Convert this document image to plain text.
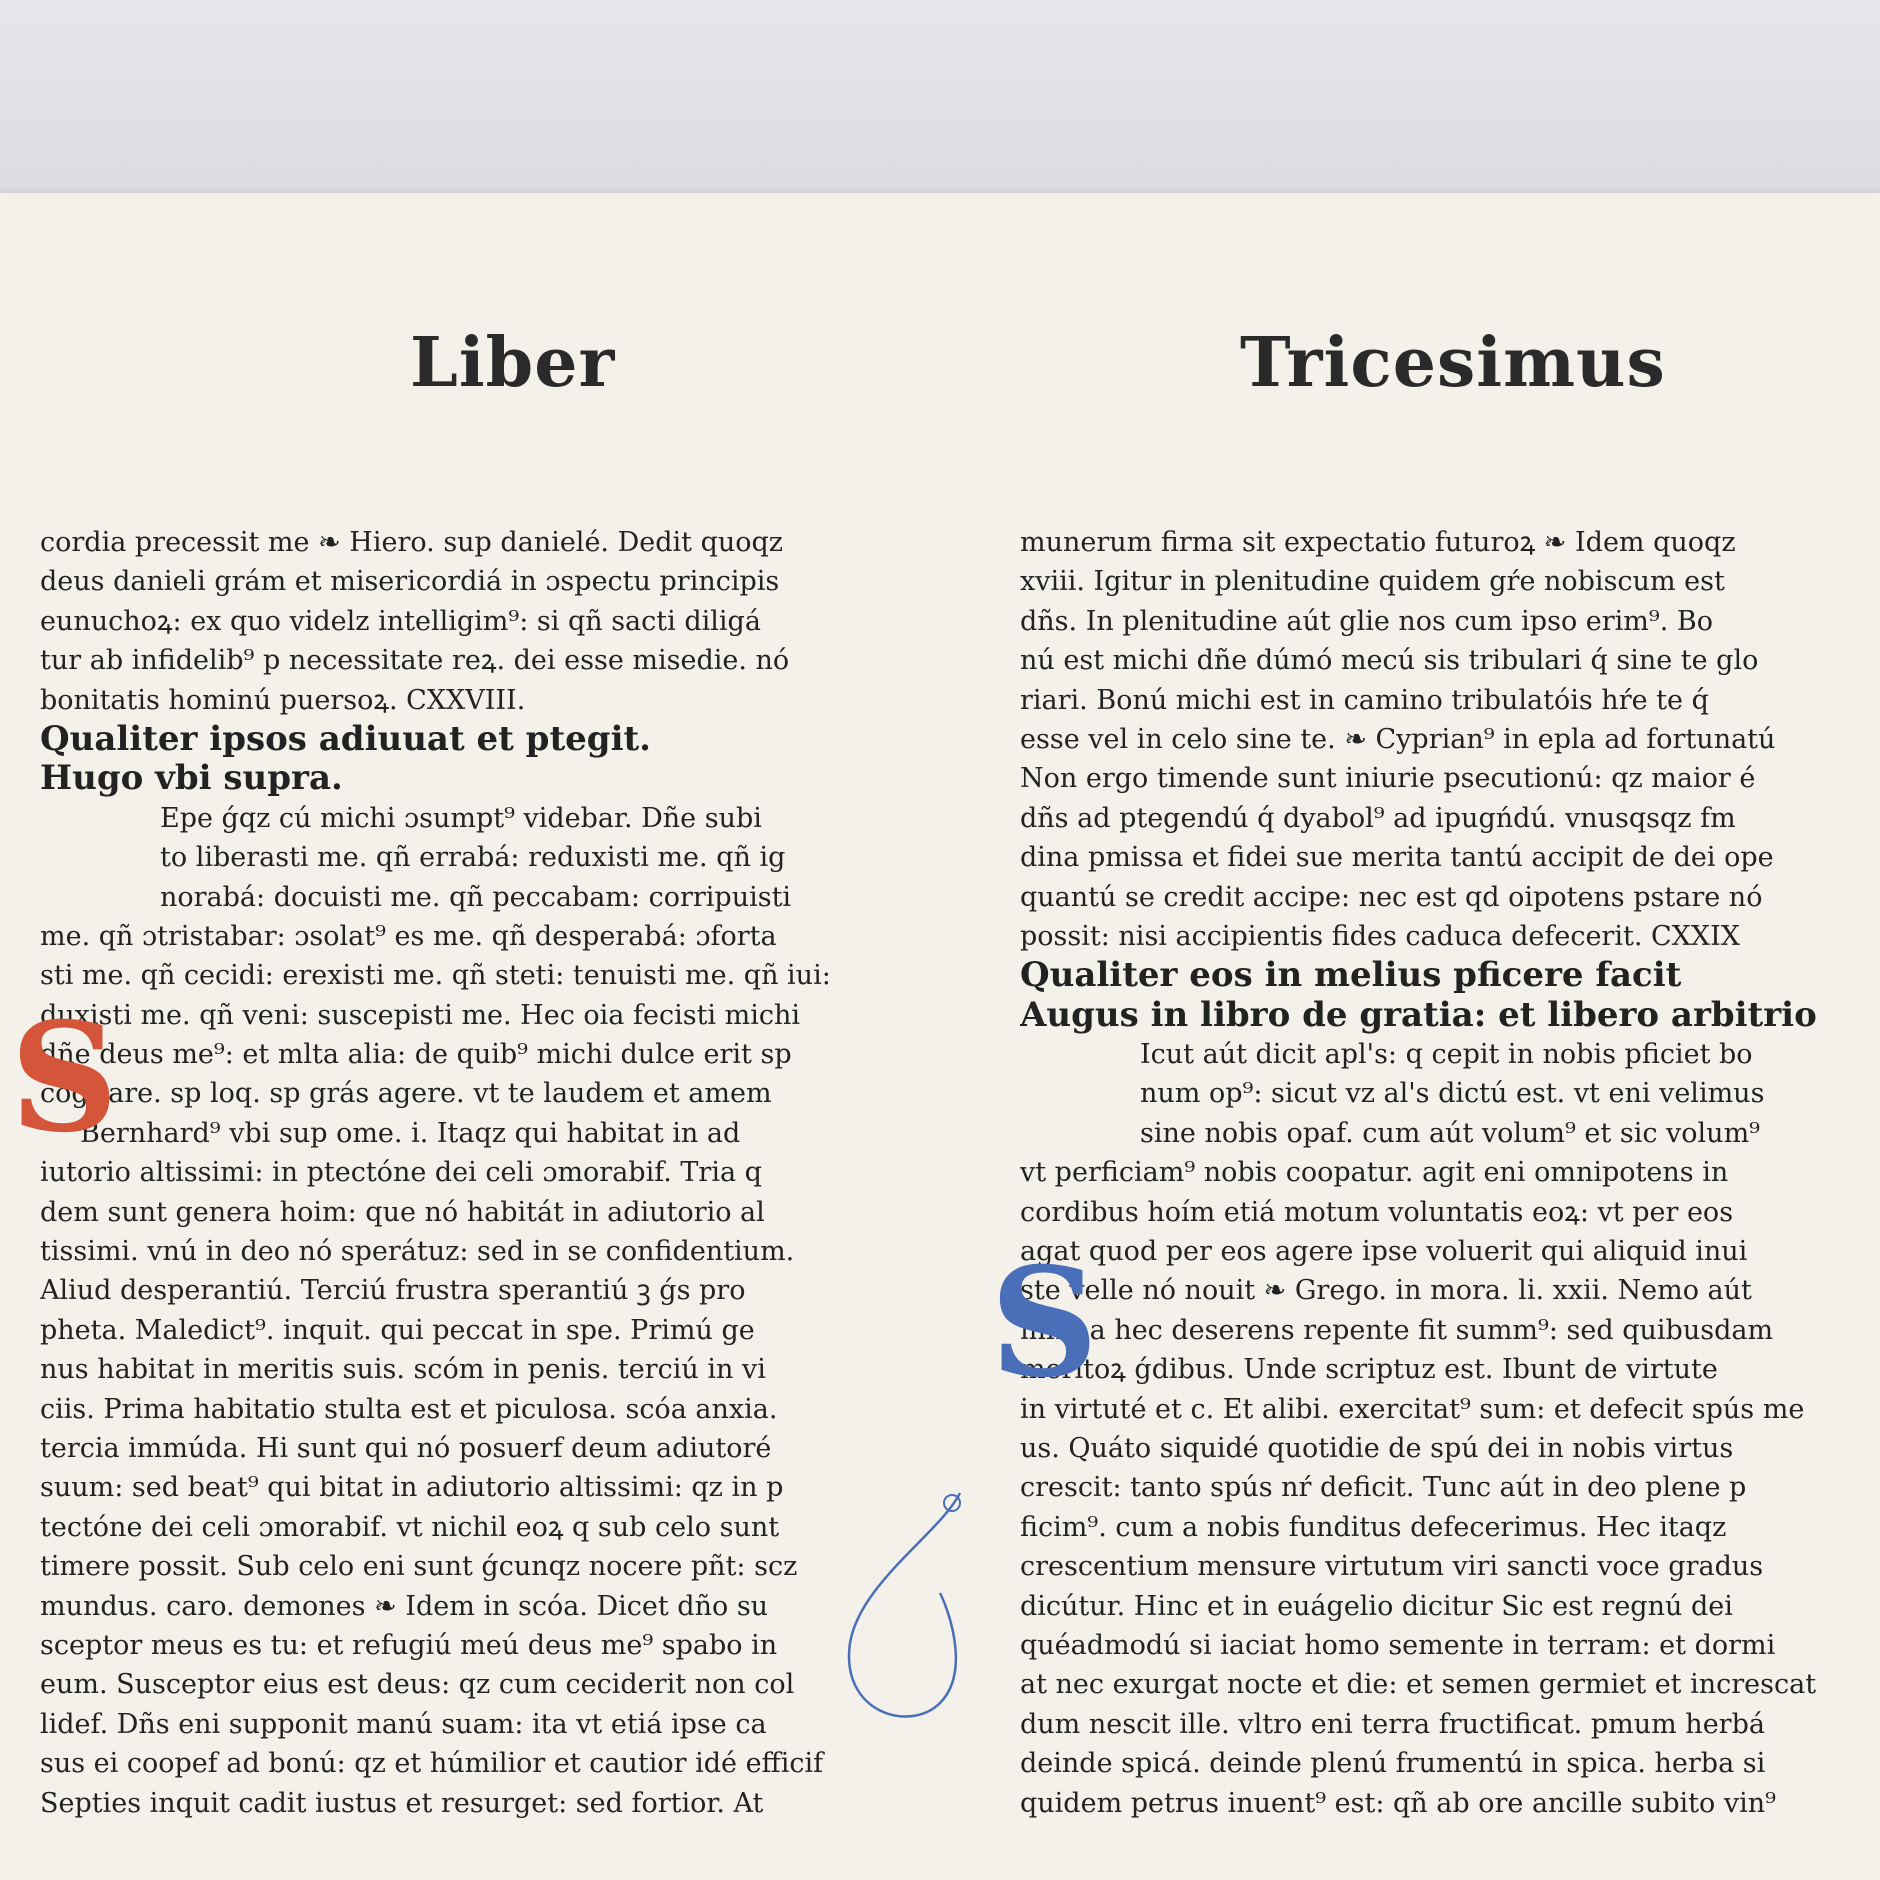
Liber	Tricesimus
cordia precessit me ❧ Hiero. sup danielé. Dedit quoqz
deus danieli grám et misericordiá in ɔspectu principis
eunuchoꝝ: ex quo videlz intelligim⁹: si qñ sacti diligá
tur ab infidelib⁹ p necessitate reꝝ. dei esse misedie. nó
bonitatis hominú puersoꝝ. CXXVIII.
Qualiter ipsos adiuuat et ptegit.
Hugo vbi supra.
Epe ǵqz cú michi ɔsumpt⁹ videbar. Dñe subi
to liberasti me. qñ errabá: reduxisti me. qñ ig
norabá: docuisti me. qñ peccabam: corripuisti
me. qñ ɔtristabar: ɔsolat⁹ es me. qñ desperabá: ɔforta
sti me. qñ cecidi: erexisti me. qñ steti: tenuisti me. qñ iui:
duxisti me. qñ veni: suscepisti me. Hec oia fecisti michi
dñe deus me⁹: et mlta alia: de quib⁹ michi dulce erit sp
cogitare. sp loq. sp grás agere. vt te laudem et amem
Bernhard⁹ vbi sup ome. i. Itaqz qui habitat in ad
iutorio altissimi: in ptectóne dei celi ɔmorabif. Tria q
dem sunt genera hoim: que nó habitát in adiutorio al
tissimi. vnú in deo nó sperátuz: sed in se confidentium.
Aliud desperantiú. Terciú frustra sperantiú ꝫ ǵs pro
pheta. Maledict⁹. inquit. qui peccat in spe. Primú ge
nus habitat in meritis suis. scóm in penis. terciú in vi
ciis. Prima habitatio stulta est et piculosa. scóa anxia.
tercia immúda. Hi sunt qui nó posuerf deum adiutoré
suum: sed beat⁹ qui bitat in adiutorio altissimi: qz in p
tectóne dei celi ɔmorabif. vt nichil eoꝝ q sub celo sunt
timere possit. Sub celo eni sunt ǵcunqz nocere pñt: scz
mundus. caro. demones ❧ Idem in scóa. Dicet dño su
sceptor meus es tu: et refugiú meú deus me⁹ spabo in
eum. Susceptor eius est deus: qz cum ceciderit non col
lidef. Dñs eni supponit manú suam: ita vt etiá ipse ca
sus ei coopef ad bonú: qz et húmilior et cautior idé efficif
Septies inquit cadit iustus et resurget: sed fortior. At
munerum firma sit expectatio futuroꝝ ❧ Idem quoqz
xviii. Igitur in plenitudine quidem gŕe nobiscum est
dñs. In plenitudine aút glie nos cum ipso erim⁹. Bo
nú est michi dñe dúmó mecú sis tribulari q́ sine te glo
riari. Bonú michi est in camino tribulatóis hŕe te q́
esse vel in celo sine te. ❧ Cyprian⁹ in epla ad fortunatú
Non ergo timende sunt iniurie psecutionú: qz maior é
dñs ad ptegendú q́ dyabol⁹ ad ipugńdú. vnusqsqz fm
dina pmissa et fidei sue merita tantú accipit de dei ope
quantú se credit accipe: nec est qd oipotens pstare nó
possit: nisi accipientis fides caduca defecerit. CXXIX
Qualiter eos in melius pficere facit
Augus in libro de gratia: et libero arbitrio
Icut aút dicit apl's: q cepit in nobis pficiet bo
num op⁹: sicut vz al's dictú est. vt eni velimus
sine nobis opaf. cum aút volum⁹ et sic volum⁹
vt perficiam⁹ nobis coopatur. agit eni omnipotens in
cordibus hoím etiá motum voluntatis eoꝝ: vt per eos
agat quod per eos agere ipse voluerit qui aliquid inui
ste velle nó nouit ❧ Grego. in mora. li. xxii. Nemo aút
infima hec deserens repente fit summ⁹: sed quibusdam
meritoꝝ ǵdibus. Unde scriptuz est. Ibunt de virtute
in virtuté et c. Et alibi. exercitat⁹ sum: et defecit spús me
us. Quáto siquidé quotidie de spú dei in nobis virtus
crescit: tanto spús nŕ deficit. Tunc aút in deo plene p
ficim⁹. cum a nobis funditus defecerimus. Hec itaqz
crescentium mensure virtutum viri sancti voce gradus
dicútur. Hinc et in euágelio dicitur Sic est regnú dei
quéadmodú si iaciat homo semente in terram: et dormi
at nec exurgat nocte et die: et semen germiet et increscat
dum nescit ille. vltro eni terra fructificat. pmum herbá
deinde spicá. deinde plenú frumentú in spica. herba si
quidem petrus inuent⁹ est: qñ ab ore ancille subito vin⁹
S
S
